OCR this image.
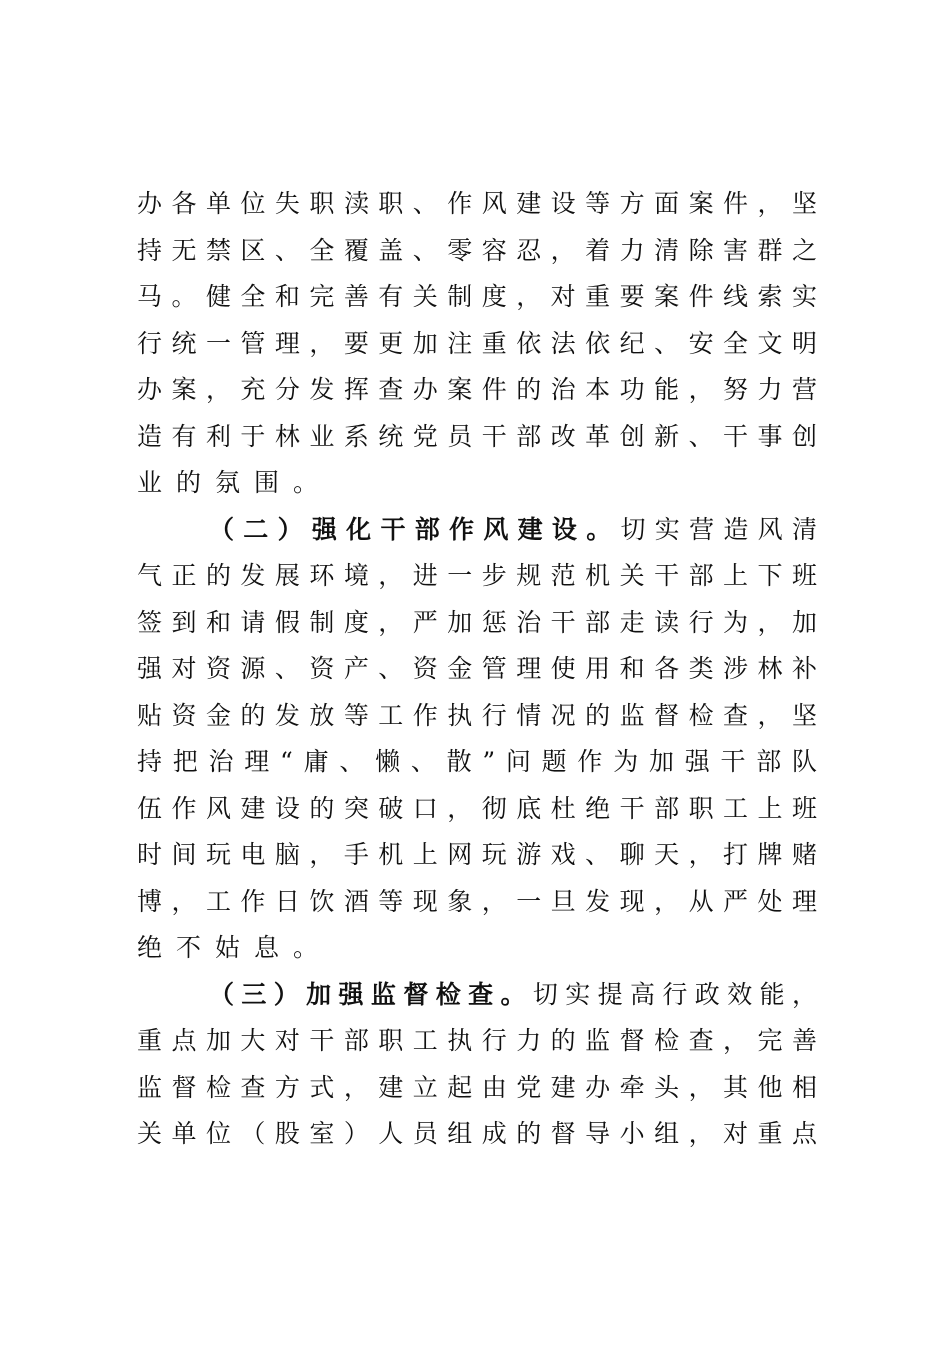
办各单位失职渎职、作风建设等方面案件，坚
持无禁区、全覆盖、零容忍，着力清除害群之
马。健全和完善有关制度，对重要案件线索实
行统一管理，要更加注重依法依纪、安全文明
办案，充分发挥查办案件的治本功能，努力营
造有利于林业系统党员干部改革创新、干事创
业的氛围。
（二）强化干部作风建设。切实营造风清
气正的发展环境，进一步规范机关干部上下班
签到和请假制度，严加惩治干部走读行为，加
强对资源、资产、资金管理使用和各类涉林补
贴资金的发放等工作执行情况的监督检查，坚
持把治理“庸、懒、散”问题作为加强干部队
伍作风建设的突破口，彻底杜绝干部职工上班
时间玩电脑，手机上网玩游戏、聊天，打牌赌
博，工作日饮酒等现象，一旦发现，从严处理
绝不姑息。
（三）加强监督检查。切实提高行政效能，
重点加大对干部职工执行力的监督检查，完善
监督检查方式，建立起由党建办牵头，其他相
关单位（股室）人员组成的督导小组，对重点
